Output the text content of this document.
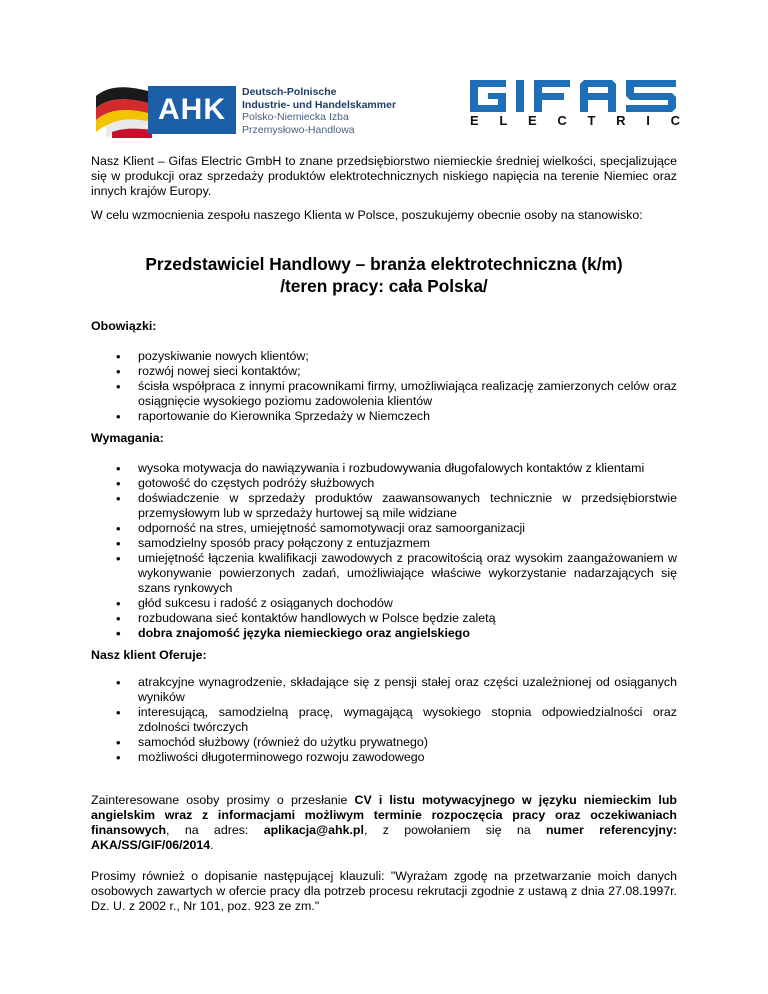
AHK
Deutsch-Polnische
Industrie- und Handelskammer
Polsko-Niemiecka Izba
Przemysłowo-Handlowa
E L E C T R I C
Nasz Klient – Gifas Electric GmbH to znane przedsiębiorstwo niemieckie średniej wielkości, specjalizujące się w produkcji oraz sprzedaży produktów elektrotechnicznych niskiego napięcia na terenie Niemiec oraz innych krajów Europy.
W celu wzmocnienia zespołu naszego Klienta w Polsce, poszukujemy obecnie osoby na stanowisko:
Przedstawiciel Handlowy – branża elektrotechniczna (k/m)
/teren pracy: cała Polska/
Obowiązki:
• pozyskiwanie nowych klientów;
• rozwój nowej sieci kontaktów;
• ścisła współpraca z innymi pracownikami firmy, umożliwiająca realizację zamierzonych celów oraz osiągnięcie wysokiego poziomu zadowolenia klientów
• raportowanie do Kierownika Sprzedaży w Niemczech
Wymagania:
• wysoka motywacja do nawiązywania i rozbudowywania długofalowych kontaktów z klientami
• gotowość do częstych podróży służbowych
• doświadczenie w sprzedaży produktów zaawansowanych technicznie w przedsiębiorstwie przemysłowym lub w sprzedaży hurtowej są mile widziane
• odporność na stres, umiejętność samomotywacji oraz samoorganizacji
• samodzielny sposób pracy połączony z entuzjazmem
• umiejętność łączenia kwalifikacji zawodowych z pracowitością oraz wysokim zaangażowaniem w wykonywanie powierzonych zadań, umożliwiające właściwe wykorzystanie nadarzających się szans rynkowych
• głód sukcesu i radość z osiąganych dochodów
• rozbudowana sieć kontaktów handlowych w Polsce będzie zaletą
• dobra znajomość języka niemieckiego oraz angielskiego
Nasz klient Oferuje:
• atrakcyjne wynagrodzenie, składające się z pensji stałej oraz części uzależnionej od osiąganych wyników
• interesującą, samodzielną pracę, wymagającą wysokiego stopnia odpowiedzialności oraz zdolności twórczych
• samochód służbowy (również do użytku prywatnego)
• możliwości długoterminowego rozwoju zawodowego
Zainteresowane osoby prosimy o przesłanie CV i listu motywacyjnego w języku niemieckim lub angielskim wraz z informacjami możliwym terminie rozpoczęcia pracy oraz oczekiwaniach finansowych, na adres: aplikacja@ahk.pl, z powołaniem się na numer referencyjny: AKA/SS/GIF/06/2014.
Prosimy również o dopisanie następującej klauzuli: "Wyrażam zgodę na przetwarzanie moich danych osobowych zawartych w ofercie pracy dla potrzeb procesu rekrutacji zgodnie z ustawą z dnia 27.08.1997r. Dz. U. z 2002 r., Nr 101, poz. 923 ze zm."
